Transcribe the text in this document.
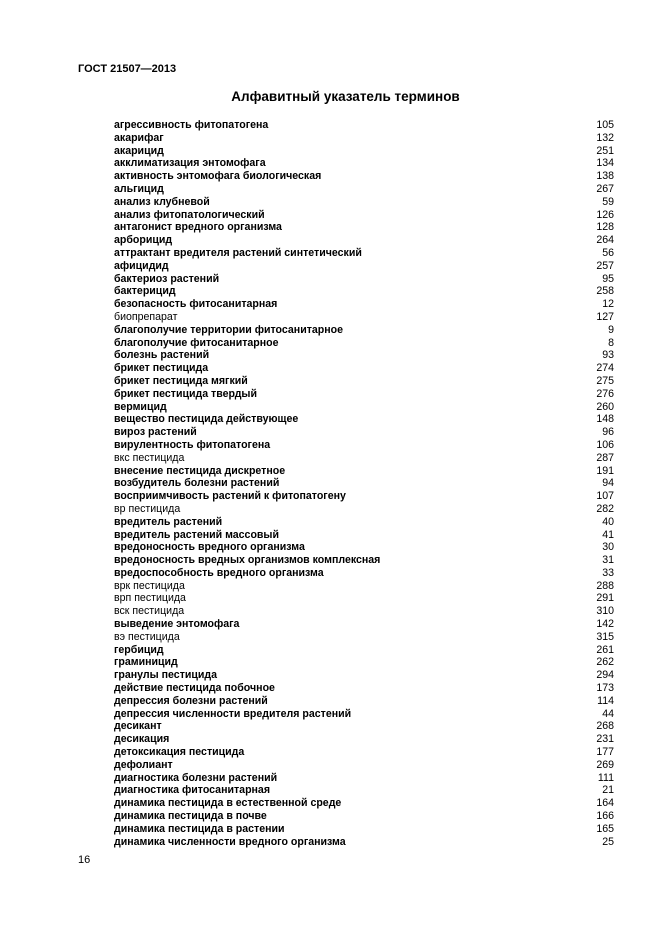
ГОСТ 21507—2013
Алфавитный указатель терминов
агрессивность фитопатогена	105
акарифаг	132
акарицид	251
акклиматизация энтомофага	134
активность энтомофага биологическая	138
альгицид	267
анализ клубневой	59
анализ фитопатологический	126
антагонист вредного организма	128
арборицид	264
аттрактант вредителя растений синтетический	56
афицидид	257
бактериоз растений	95
бактерицид	258
безопасность фитосанитарная	12
биопрепарат	127
благополучие территории фитосанитарное	9
благополучие фитосанитарное	8
болезнь растений	93
брикет пестицида	274
брикет пестицида мягкий	275
брикет пестицида твердый	276
вермицид	260
вещество пестицида действующее	148
вироз растений	96
вирулентность фитопатогена	106
вкс пестицида	287
внесение пестицида дискретное	191
возбудитель болезни растений	94
восприимчивость растений к фитопатогену	107
вр пестицида	282
вредитель растений	40
вредитель растений массовый	41
вредоносность вредного организма	30
вредоносность вредных организмов комплексная	31
вредоспособность вредного организма	33
врк пестицида	288
врп пестицида	291
вск пестицида	310
выведение энтомофага	142
вэ пестицида	315
гербицид	261
граминицид	262
гранулы пестицида	294
действие пестицида побочное	173
депрессия болезни растений	114
депрессия численности вредителя растений	44
десикант	268
десикация	231
детоксикация пестицида	177
дефолиант	269
диагностика болезни растений	111
диагностика фитосанитарная	21
динамика пестицида в естественной среде	164
динамика пестицида в почве	166
динамика пестицида в растении	165
динамика численности вредного организма	25
16
